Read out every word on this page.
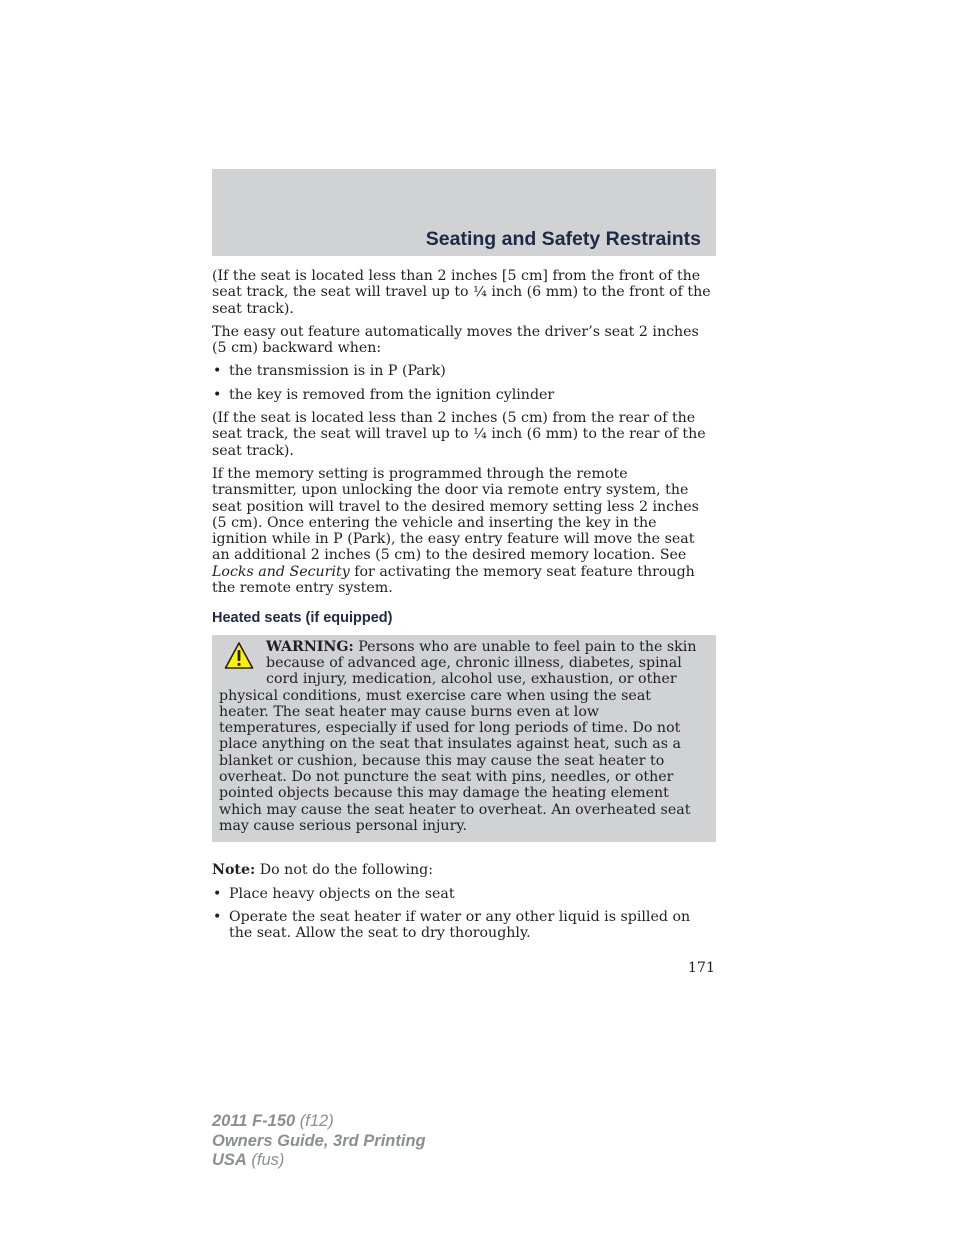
Seating and Safety Restraints

(If the seat is located less than 2 inches [5 cm] from the front of the seat track, the seat will travel up to ¼ inch (6 mm) to the front of the seat track).

The easy out feature automatically moves the driver’s seat 2 inches (5 cm) backward when:

• the transmission is in P (Park)
• the key is removed from the ignition cylinder

(If the seat is located less than 2 inches (5 cm) from the rear of the seat track, the seat will travel up to ¼ inch (6 mm) to the rear of the seat track).

If the memory setting is programmed through the remote transmitter, upon unlocking the door via remote entry system, the seat position will travel to the desired memory setting less 2 inches (5 cm). Once entering the vehicle and inserting the key in the ignition while in P (Park), the easy entry feature will move the seat an additional 2 inches (5 cm) to the desired memory location. See Locks and Security for activating the memory seat feature through the remote entry system.

Heated seats (if equipped)

WARNING: Persons who are unable to feel pain to the skin because of advanced age, chronic illness, diabetes, spinal cord injury, medication, alcohol use, exhaustion, or other physical conditions, must exercise care when using the seat heater. The seat heater may cause burns even at low temperatures, especially if used for long periods of time. Do not place anything on the seat that insulates against heat, such as a blanket or cushion, because this may cause the seat heater to overheat. Do not puncture the seat with pins, needles, or other pointed objects because this may damage the heating element which may cause the seat heater to overheat. An overheated seat may cause serious personal injury.

Note: Do not do the following:

• Place heavy objects on the seat
• Operate the seat heater if water or any other liquid is spilled on the seat. Allow the seat to dry thoroughly.
171
2011 F-150 (f12)
Owners Guide, 3rd Printing
USA (fus)
